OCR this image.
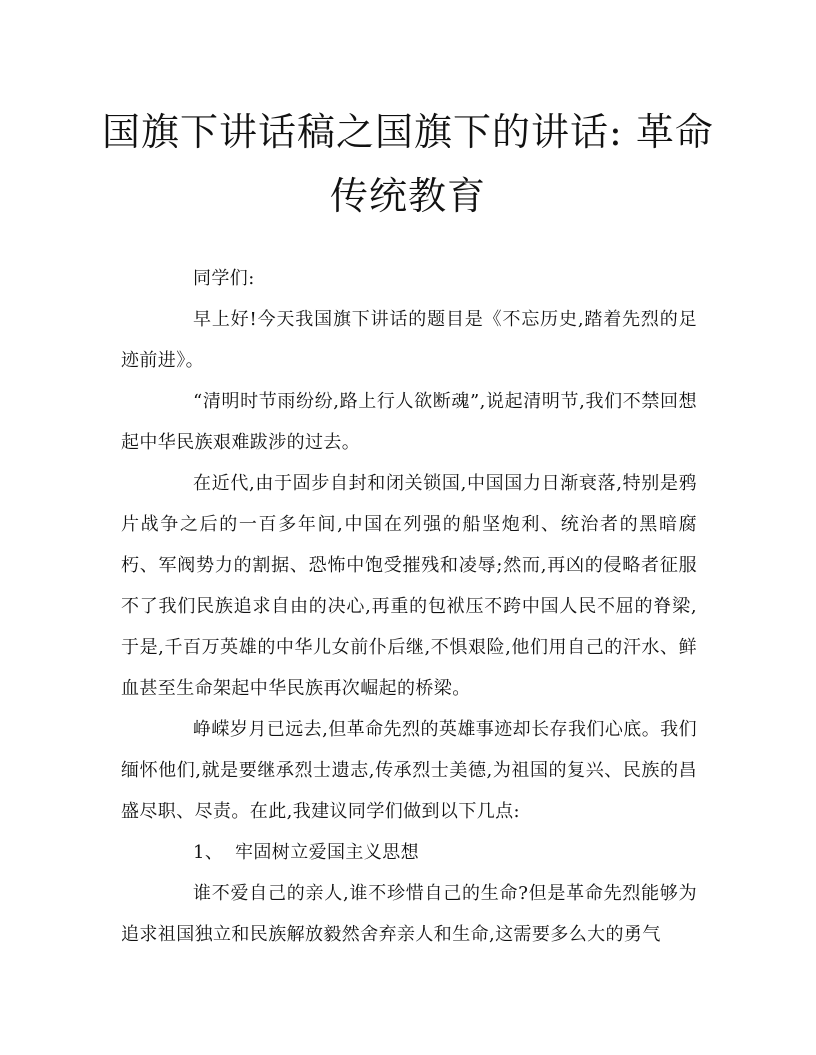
国旗下讲话稿之国旗下的讲话: 革命传统教育

同学们:

早上好!今天我国旗下讲话的题目是《不忘历史,踏着先烈的足迹前进》。

“清明时节雨纷纷,路上行人欲断魂”,说起清明节,我们不禁回想起中华民族艰难跋涉的过去。

在近代,由于固步自封和闭关锁国,中国国力日渐衰落,特别是鸦片战争之后的一百多年间,中国在列强的船坚炮利、统治者的黑暗腐朽、军阀势力的割据、恐怖中饱受摧残和凌辱;然而,再凶的侵略者征服不了我们民族追求自由的决心,再重的包袱压不跨中国人民不屈的脊梁,于是,千百万英雄的中华儿女前仆后继,不惧艰险,他们用自己的汗水、鲜血甚至生命架起中华民族再次崛起的桥梁。

峥嵘岁月已远去,但革命先烈的英雄事迹却长存我们心底。我们缅怀他们,就是要继承烈士遗志,传承烈士美德,为祖国的复兴、民族的昌盛尽职、尽责。在此,我建议同学们做到以下几点:

1、 牢固树立爱国主义思想

谁不爱自己的亲人,谁不珍惜自己的生命?但是革命先烈能够为追求祖国独立和民族解放毅然舍弃亲人和生命,这需要多么大的勇气
